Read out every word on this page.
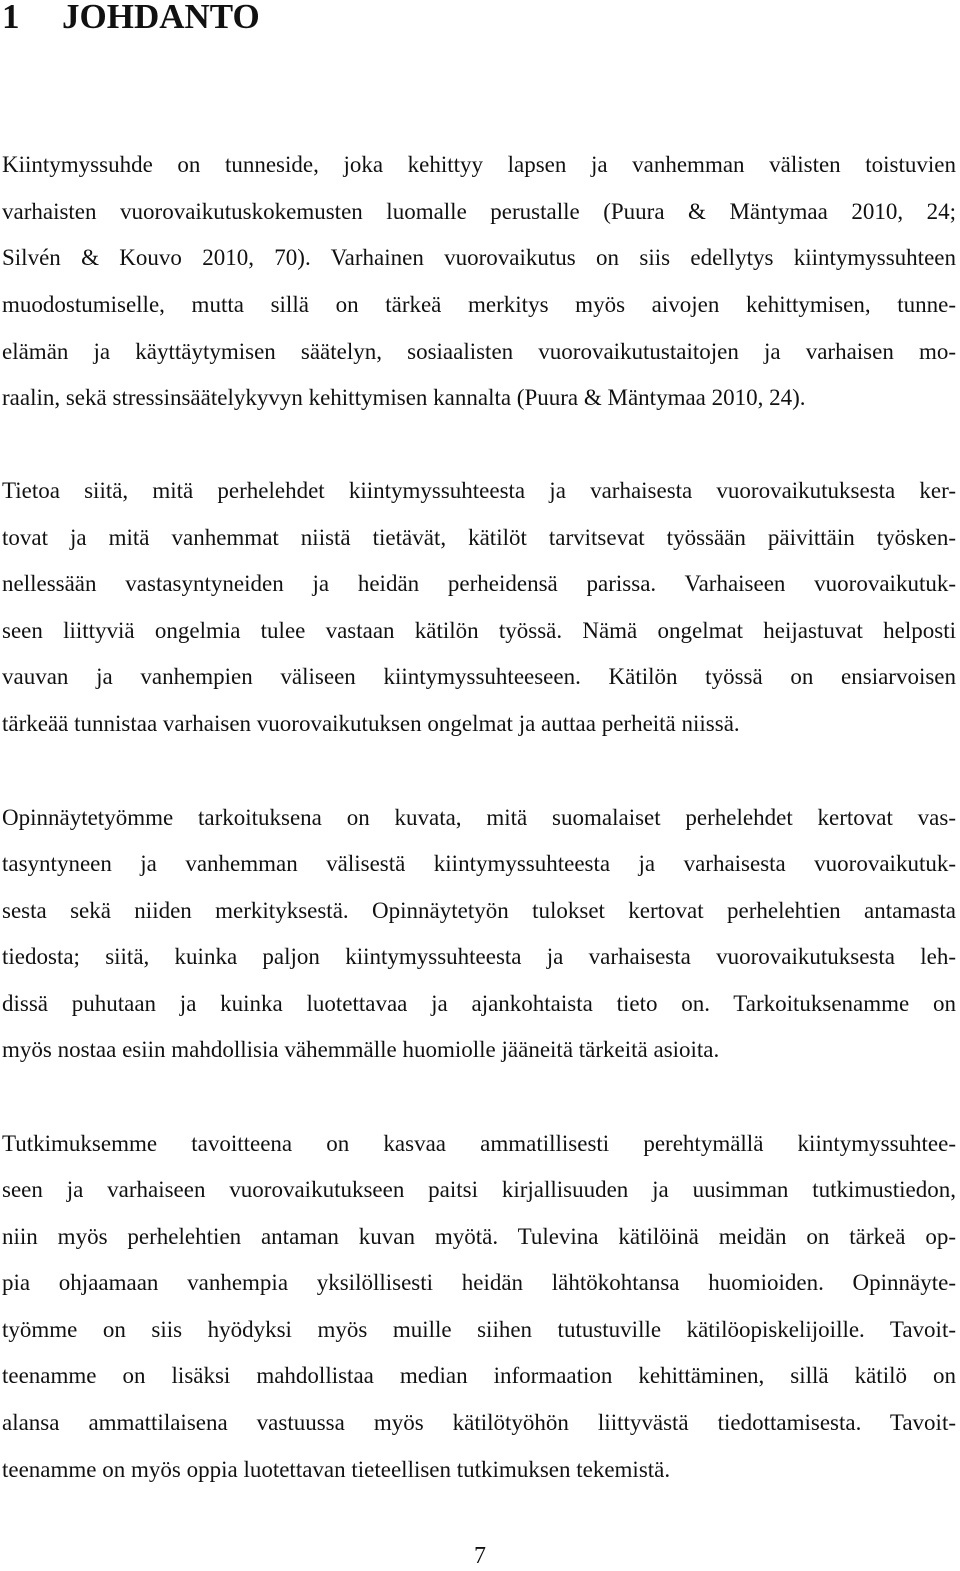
1 JOHDANTO
Kiintymyssuhde on tunneside, joka kehittyy lapsen ja vanhemman välisten toistuvien
varhaisten vuorovaikutuskokemusten luomalle perustalle (Puura & Mäntymaa 2010, 24;
Silvén & Kouvo 2010, 70). Varhainen vuorovaikutus on siis edellytys kiintymyssuhteen
muodostumiselle, mutta sillä on tärkeä merkitys myös aivojen kehittymisen, tunne-
elämän ja käyttäytymisen säätelyn, sosiaalisten vuorovaikutustaitojen ja varhaisen mo-
raalin, sekä stressinsäätelykyvyn kehittymisen kannalta (Puura & Mäntymaa 2010, 24).
Tietoa siitä, mitä perhelehdet kiintymyssuhteesta ja varhaisesta vuorovaikutuksesta ker-
tovat ja mitä vanhemmat niistä tietävät, kätilöt tarvitsevat työssään päivittäin työsken-
nellessään vastasyntyneiden ja heidän perheidensä parissa. Varhaiseen vuorovaikutuk-
seen liittyviä ongelmia tulee vastaan kätilön työssä. Nämä ongelmat heijastuvat helposti
vauvan ja vanhempien väliseen kiintymyssuhteeseen. Kätilön työssä on ensiarvoisen
tärkeää tunnistaa varhaisen vuorovaikutuksen ongelmat ja auttaa perheitä niissä.
Opinnäytetyömme tarkoituksena on kuvata, mitä suomalaiset perhelehdet kertovat vas-
tasyntyneen ja vanhemman välisestä kiintymyssuhteesta ja varhaisesta vuorovaikutuk-
sesta sekä niiden merkityksestä. Opinnäytetyön tulokset kertovat perhelehtien antamasta
tiedosta; siitä, kuinka paljon kiintymyssuhteesta ja varhaisesta vuorovaikutuksesta leh-
dissä puhutaan ja kuinka luotettavaa ja ajankohtaista tieto on. Tarkoituksenamme on
myös nostaa esiin mahdollisia vähemmälle huomiolle jääneitä tärkeitä asioita.
Tutkimuksemme tavoitteena on kasvaa ammatillisesti perehtymällä kiintymyssuhtee-
seen ja varhaiseen vuorovaikutukseen paitsi kirjallisuuden ja uusimman tutkimustiedon,
niin myös perhelehtien antaman kuvan myötä. Tulevina kätilöinä meidän on tärkeä op-
pia ohjaamaan vanhempia yksilöllisesti heidän lähtökohtansa huomioiden. Opinnäyte-
työmme on siis hyödyksi myös muille siihen tutustuville kätilöopiskelijoille. Tavoit-
teenamme on lisäksi mahdollistaa median informaation kehittäminen, sillä kätilö on
alansa ammattilaisena vastuussa myös kätilötyöhön liittyvästä tiedottamisesta. Tavoit-
teenamme on myös oppia luotettavan tieteellisen tutkimuksen tekemistä.
7
